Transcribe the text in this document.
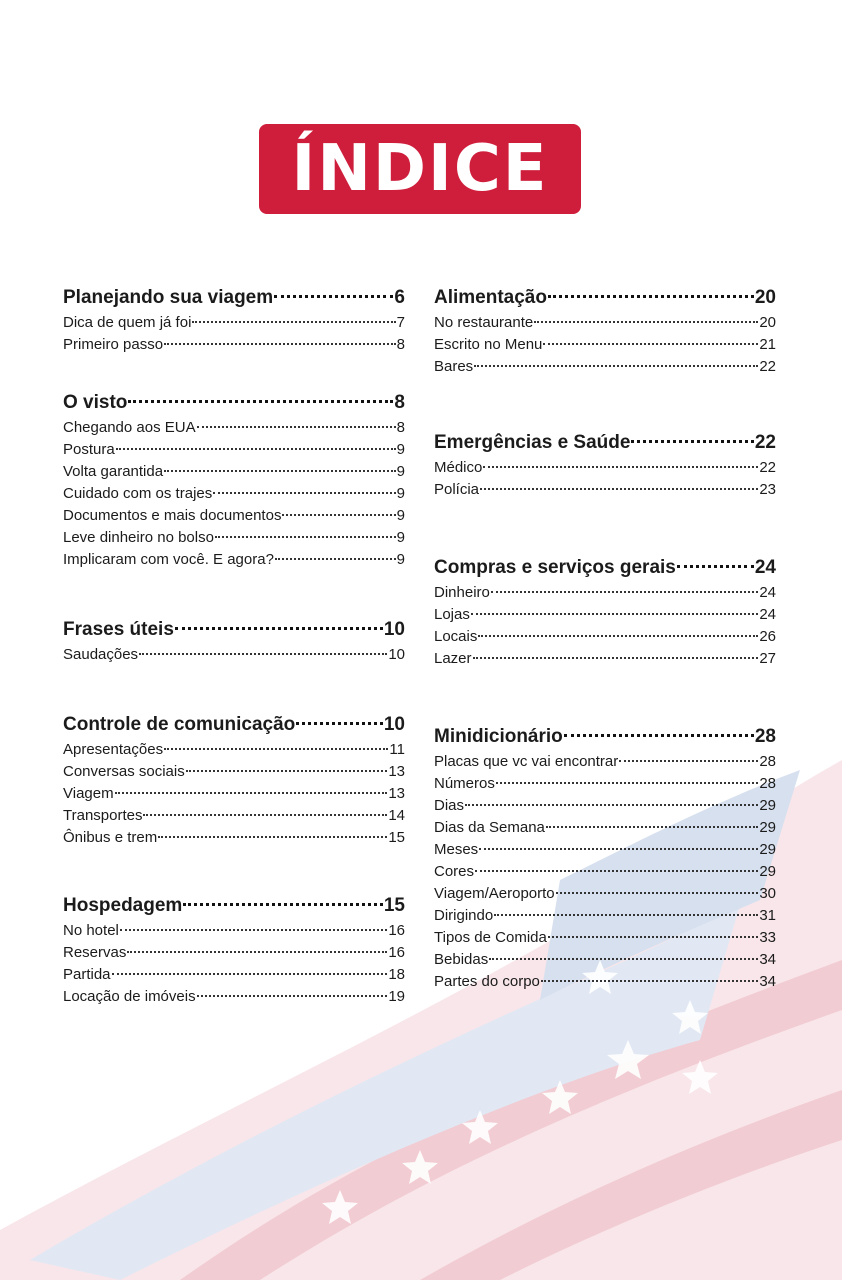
ÍNDICE
Planejando sua viagem	6
Dica de quem já foi	7
Primeiro passo	8
O visto	8
Chegando aos EUA	8
Postura	9
Volta garantida	9
Cuidado com os trajes	9
Documentos e mais documentos	9
Leve dinheiro no bolso	9
Implicaram com você. E agora?	9
Frases úteis	10
Saudações	10
Controle de comunicação	10
Apresentações	11
Conversas sociais	13
Viagem	13
Transportes	14
Ônibus e trem	15
Hospedagem	15
No hotel	16
Reservas	16
Partida	18
Locação de imóveis	19
Alimentação	20
No restaurante	20
Escrito no Menu	21
Bares	22
Emergências e Saúde	22
Médico	22
Polícia	23
Compras e serviços gerais	24
Dinheiro	24
Lojas	24
Locais	26
Lazer	27
Minidicionário	28
Placas que vc vai encontrar	28
Números	28
Dias	29
Dias da Semana	29
Meses	29
Cores	29
Viagem/Aeroporto	30
Dirigindo	31
Tipos de Comida	33
Bebidas	34
Partes do corpo	34
